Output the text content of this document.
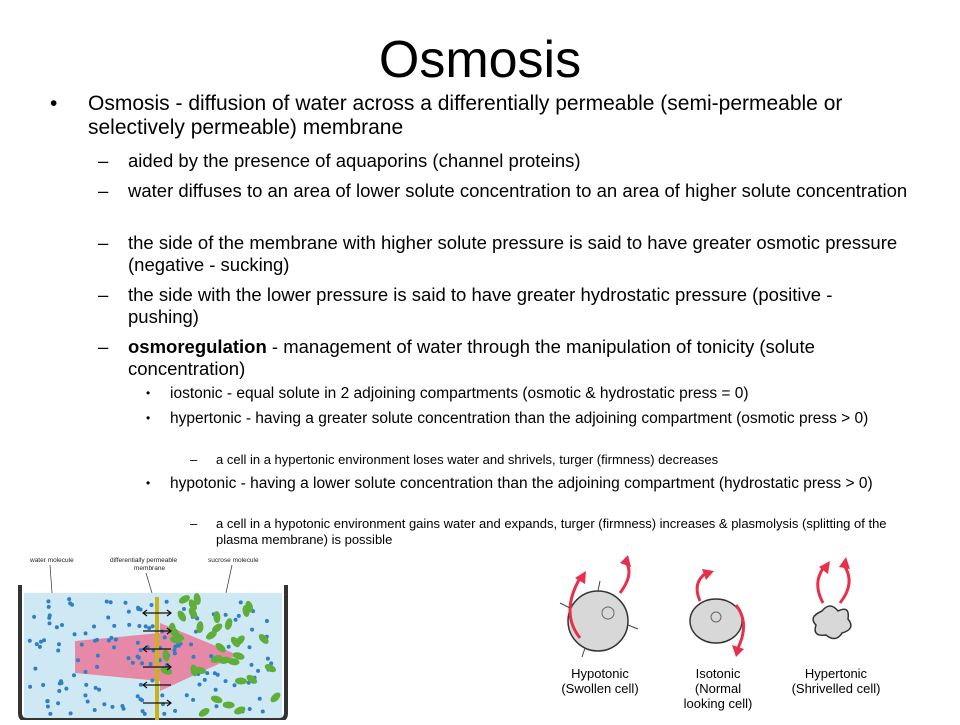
Osmosis
• Osmosis - diffusion of water across a differentially permeable (semi-permeable or selectively permeable) membrane
– aided by the presence of aquaporins (channel proteins)
– water diffuses to an area of lower solute concentration to an area of higher solute concentration
– the side of the membrane with higher solute pressure is said to have greater osmotic pressure (negative - sucking)
– the side with the lower pressure is said to have greater hydrostatic pressure (positive - pushing)
– osmoregulation - management of water through the manipulation of tonicity (solute concentration)
• iostonic - equal solute in 2 adjoining compartments (osmotic & hydrostatic press = 0)
• hypertonic - having a greater solute concentration than the adjoining compartment (osmotic press > 0)
– a cell in a hypertonic environment loses water and shrivels, turger (firmness) decreases
• hypotonic - having a lower solute concentration than the adjoining compartment (hydrostatic press > 0)
– a cell in a hypotonic environment gains water and expands, turger (firmness) increases & plasmolysis (splitting of the plasma membrane) is possible
water molecule	differentially permeable
membrane
sucrose molecule
Hypotonic
(Swollen cell)
Isotonic
(Normal
looking cell)
Hypertonic
(Shrivelled cell)
